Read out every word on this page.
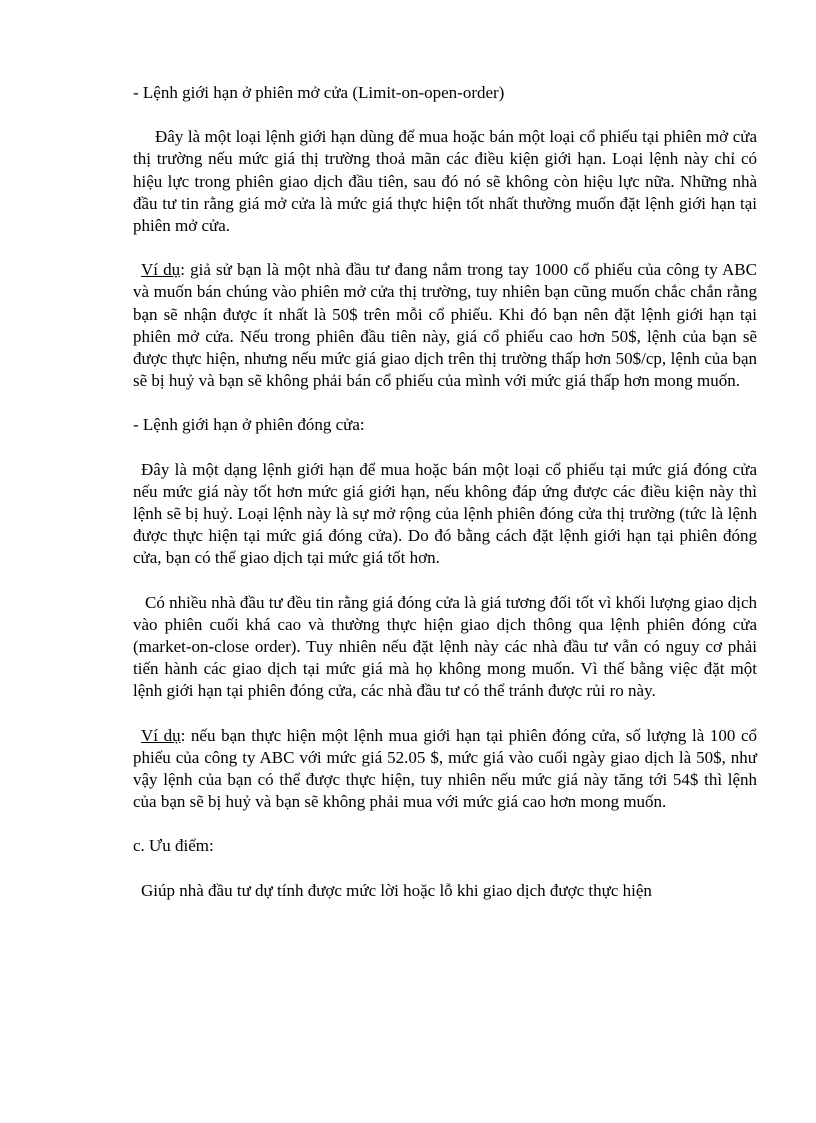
- Lệnh giới hạn ở phiên mở cửa (Limit-on-open-order)

Đây là một loại lệnh giới hạn dùng để mua hoặc bán một loại cổ phiếu tại phiên mở cửa thị trường nếu mức giá thị trường thoả mãn các điều kiện giới hạn. Loại lệnh này chỉ có hiệu lực trong phiên giao dịch đầu tiên, sau đó nó sẽ không còn hiệu lực nữa. Những nhà đầu tư tin rằng giá mở cửa là mức giá thực hiện tốt nhất thường muốn đặt lệnh giới hạn tại phiên mở cửa.

Ví dụ: giả sử bạn là một nhà đầu tư đang nắm trong tay 1000 cổ phiếu của công ty ABC và muốn bán chúng vào phiên mở cửa thị trường, tuy nhiên bạn cũng muốn chắc chắn rằng bạn sẽ nhận được ít nhất là 50$ trên mỗi cổ phiếu. Khi đó bạn nên đặt lệnh giới hạn tại phiên mở cửa. Nếu trong phiên đầu tiên này, giá cổ phiếu cao hơn 50$, lệnh của bạn sẽ được thực hiện, nhưng nếu mức giá giao dịch trên thị trường thấp hơn 50$/cp, lệnh của bạn sẽ bị huỷ và bạn sẽ không phải bán cổ phiếu của mình với mức giá thấp hơn mong muốn.

- Lệnh giới hạn ở phiên đóng cửa:

Đây là một dạng lệnh giới hạn để mua hoặc bán một loại cổ phiếu tại mức giá đóng cửa nếu mức giá này tốt hơn mức giá giới hạn, nếu không đáp ứng được các điều kiện này thì lệnh sẽ bị huỷ. Loại lệnh này là sự mở rộng của lệnh phiên đóng cửa thị trường (tức là lệnh được thực hiện tại mức giá đóng cửa). Do đó bằng cách đặt lệnh giới hạn tại phiên đóng cửa, bạn có thể giao dịch tại mức giá tốt hơn.

Có nhiều nhà đầu tư đều tin rằng giá đóng cửa là giá tương đối tốt vì khối lượng giao dịch vào phiên cuối khá cao và thường thực hiện giao dịch thông qua lệnh phiên đóng cửa (market-on-close order). Tuy nhiên nếu đặt lệnh này các nhà đầu tư vẫn có nguy cơ phải tiến hành các giao dịch tại mức giá mà họ không mong muốn. Vì thế bằng việc đặt một lệnh giới hạn tại phiên đóng cửa, các nhà đầu tư có thể tránh được rủi ro này.

Ví dụ: nếu bạn thực hiện một lệnh mua giới hạn tại phiên đóng cửa, số lượng là 100 cổ phiếu của công ty ABC với mức giá 52.05 $, mức giá vào cuối ngày giao dịch là 50$, như vậy lệnh của bạn có thể được thực hiện, tuy nhiên nếu mức giá này tăng tới 54$ thì lệnh của bạn sẽ bị huỷ và bạn sẽ không phải mua với mức giá cao hơn mong muốn.

c. Ưu điểm:

Giúp nhà đầu tư dự tính được mức lời hoặc lỗ khi giao dịch được thực hiện
